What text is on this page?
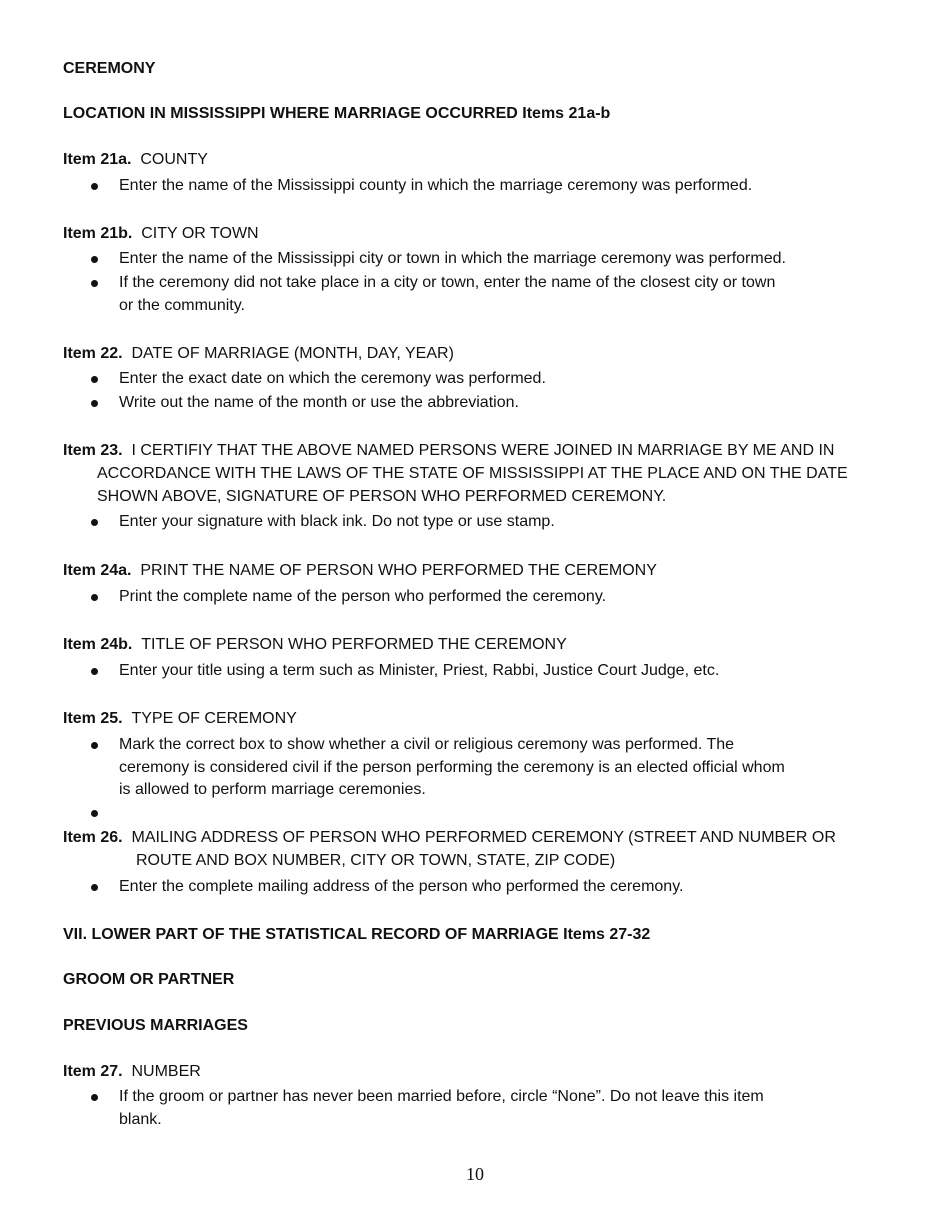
CEREMONY
LOCATION IN MISSISSIPPI WHERE MARRIAGE OCCURRED Items 21a-b
Item 21a. COUNTY
Enter the name of the Mississippi county in which the marriage ceremony was performed.
Item 21b. CITY OR TOWN
Enter the name of the Mississippi city or town in which the marriage ceremony was performed.
If the ceremony did not take place in a city or town, enter the name of the closest city or town
or the community.
Item 22. DATE OF MARRIAGE (MONTH, DAY, YEAR)
Enter the exact date on which the ceremony was performed.
Write out the name of the month or use the abbreviation.
Item 23. I CERTIFIY THAT THE ABOVE NAMED PERSONS WERE JOINED IN MARRIAGE BY ME AND IN
ACCORDANCE WITH THE LAWS OF THE STATE OF MISSISSIPPI AT THE PLACE AND ON THE DATE
SHOWN ABOVE, SIGNATURE OF PERSON WHO PERFORMED CEREMONY.
Enter your signature with black ink. Do not type or use stamp.
Item 24a. PRINT THE NAME OF PERSON WHO PERFORMED THE CEREMONY
Print the complete name of the person who performed the ceremony.
Item 24b. TITLE OF PERSON WHO PERFORMED THE CEREMONY
Enter your title using a term such as Minister, Priest, Rabbi, Justice Court Judge, etc.
Item 25. TYPE OF CEREMONY
Mark the correct box to show whether a civil or religious ceremony was performed. The
ceremony is considered civil if the person performing the ceremony is an elected official whom
is allowed to perform marriage ceremonies.
Item 26. MAILING ADDRESS OF PERSON WHO PERFORMED CEREMONY (STREET AND NUMBER OR
ROUTE AND BOX NUMBER, CITY OR TOWN, STATE, ZIP CODE)
Enter the complete mailing address of the person who performed the ceremony.
VII. LOWER PART OF THE STATISTICAL RECORD OF MARRIAGE Items 27-32
GROOM OR PARTNER
PREVIOUS MARRIAGES
Item 27. NUMBER
If the groom or partner has never been married before, circle “None”. Do not leave this item
blank.
10
